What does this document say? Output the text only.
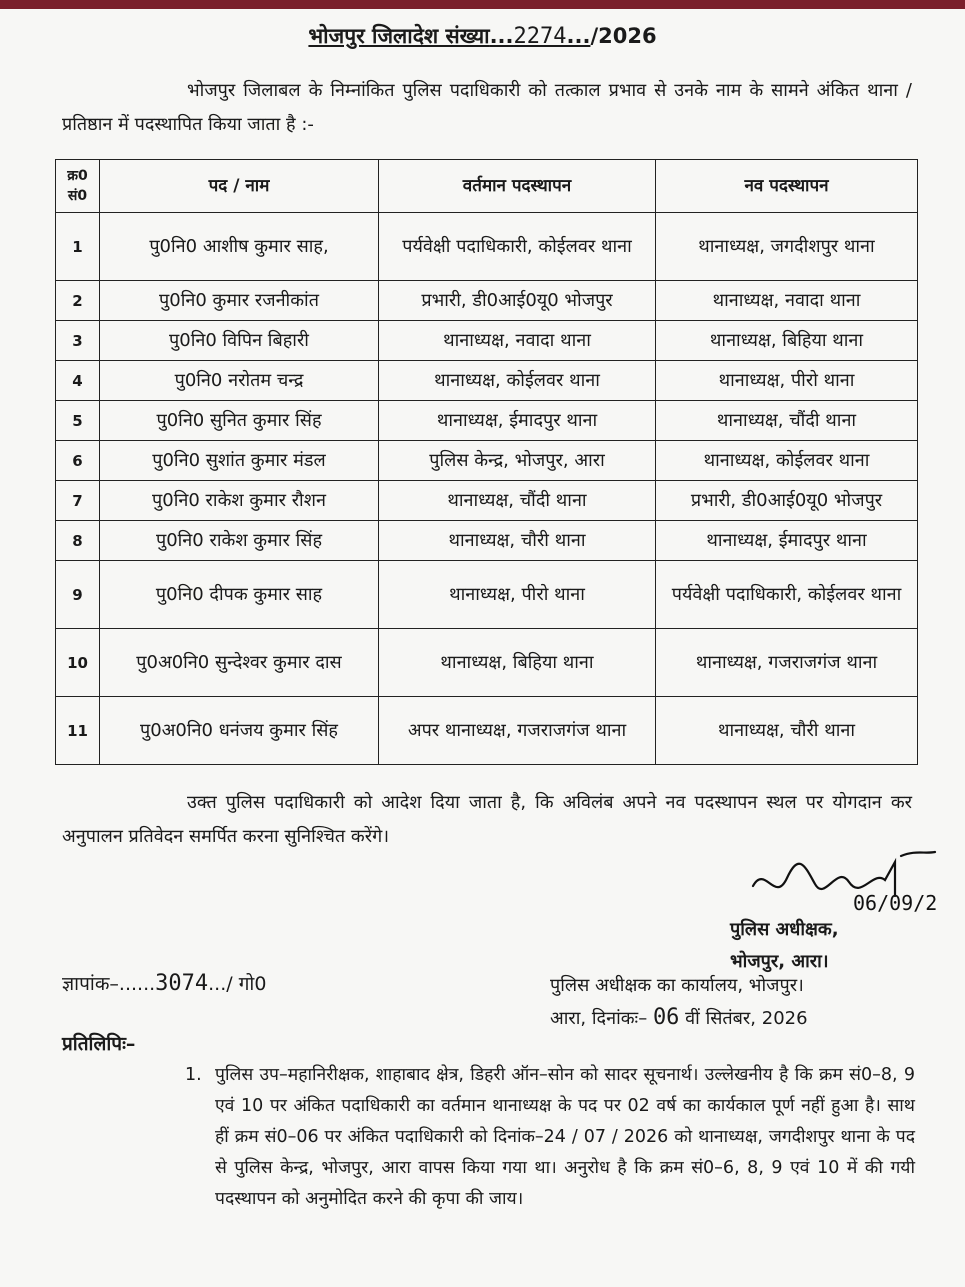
भोजपुर जिलादेश संख्या...2274.../2026
भोजपुर जिलाबल के निम्नांकित पुलिस पदाधिकारी को तत्काल प्रभाव से उनके नाम के सामने अंकित थाना / प्रतिष्ठान में पदस्थापित किया जाता है :-
क्र0
सं0	पद / नाम	वर्तमान पदस्थापन	नव पदस्थापन
1	पु0नि0 आशीष कुमार साह,	पर्यवेक्षी पदाधिकारी, कोईलवर थाना	थानाध्यक्ष, जगदीशपुर थाना
2	पु0नि0 कुमार रजनीकांत	प्रभारी, डी0आई0यू0 भोजपुर	थानाध्यक्ष, नवादा थाना
3	पु0नि0 विपिन बिहारी	थानाध्यक्ष, नवादा थाना	थानाध्यक्ष, बिहिया थाना
4	पु0नि0 नरोतम चन्द्र	थानाध्यक्ष, कोईलवर थाना	थानाध्यक्ष, पीरो थाना
5	पु0नि0 सुनित कुमार सिंह	थानाध्यक्ष, ईमादपुर थाना	थानाध्यक्ष, चौंदी थाना
6	पु0नि0 सुशांत कुमार मंडल	पुलिस केन्द्र, भोजपुर, आरा	थानाध्यक्ष, कोईलवर थाना
7	पु0नि0 राकेश कुमार रौशन	थानाध्यक्ष, चौंदी थाना	प्रभारी, डी0आई0यू0 भोजपुर
8	पु0नि0 राकेश कुमार सिंह	थानाध्यक्ष, चौरी थाना	थानाध्यक्ष, ईमादपुर थाना
9	पु0नि0 दीपक कुमार साह	थानाध्यक्ष, पीरो थाना	पर्यवेक्षी पदाधिकारी, कोईलवर थाना
10	पु0अ0नि0 सुन्देश्वर कुमार दास	थानाध्यक्ष, बिहिया थाना	थानाध्यक्ष, गजराजगंज थाना
11	पु0अ0नि0 धनंजय कुमार सिंह	अपर थानाध्यक्ष, गजराजगंज थाना	थानाध्यक्ष, चौरी थाना
उक्त पुलिस पदाधिकारी को आदेश दिया जाता है, कि अविलंब अपने नव पदस्थापन स्थल पर योगदान कर अनुपालन प्रतिवेदन समर्पित करना सुनिश्चित करेंगे।
06/09/2
पुलिस अधीक्षक,
भोजपुर, आरा।
ज्ञापांक–......3074.../ गो0	पुलिस अधीक्षक का कार्यालय, भोजपुर।
आरा, दिनांकः– 06 वीं सितंबर, 2026
प्रतिलिपिः–
1. पुलिस उप–महानिरीक्षक, शाहाबाद क्षेत्र, डिहरी ऑन–सोन को सादर सूचनार्थ। उल्लेखनीय है कि क्रम सं0–8, 9 एवं 10 पर अंकित पदाधिकारी का वर्तमान थानाध्यक्ष के पद पर 02 वर्ष का कार्यकाल पूर्ण नहीं हुआ है। साथ हीं क्रम सं0–06 पर अंकित पदाधिकारी को दिनांक–24 / 07 / 2026 को थानाध्यक्ष, जगदीशपुर थाना के पद से पुलिस केन्द्र, भोजपुर, आरा वापस किया गया था। अनुरोध है कि क्रम सं0–6, 8, 9 एवं 10 में की गयी पदस्थापन को अनुमोदित करने की कृपा की जाय।
